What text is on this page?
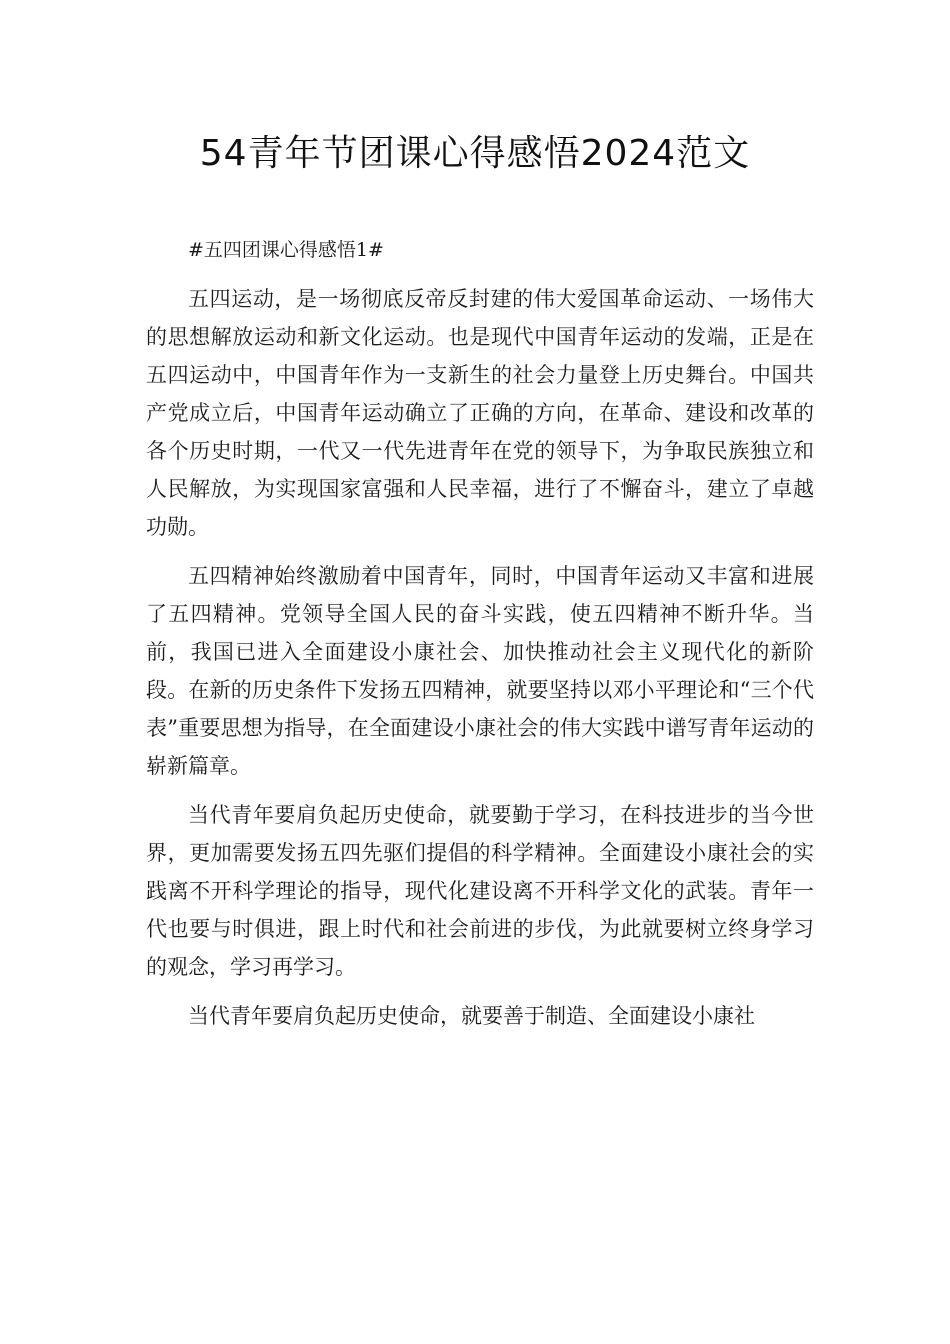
54青年节团课心得感悟2024范文

#五四团课心得感悟1#

五四运动，是一场彻底反帝反封建的伟大爱国革命运动、一场伟大的思想解放运动和新文化运动。也是现代中国青年运动的发端，正是在五四运动中，中国青年作为一支新生的社会力量登上历史舞台。中国共产党成立后，中国青年运动确立了正确的方向，在革命、建设和改革的各个历史时期，一代又一代先进青年在党的领导下，为争取民族独立和人民解放，为实现国家富强和人民幸福，进行了不懈奋斗，建立了卓越功勋。

五四精神始终激励着中国青年，同时，中国青年运动又丰富和进展了五四精神。党领导全国人民的奋斗实践，使五四精神不断升华。当前，我国已进入全面建设小康社会、加快推动社会主义现代化的新阶段。在新的历史条件下发扬五四精神，就要坚持以邓小平理论和“三个代表”重要思想为指导，在全面建设小康社会的伟大实践中谱写青年运动的崭新篇章。

当代青年要肩负起历史使命，就要勤于学习，在科技进步的当今世界，更加需要发扬五四先驱们提倡的科学精神。全面建设小康社会的实践离不开科学理论的指导，现代化建设离不开科学文化的武装。青年一代也要与时俱进，跟上时代和社会前进的步伐，为此就要树立终身学习的观念，学习再学习。

当代青年要肩负起历史使命，就要善于制造、全面建设小康社
